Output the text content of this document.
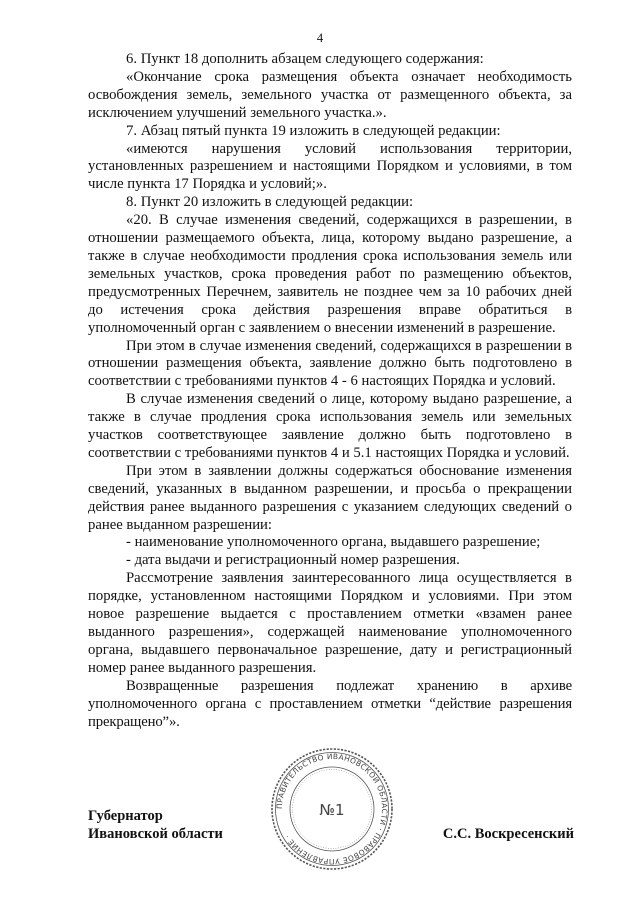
4

6. Пункт 18 дополнить абзацем следующего содержания:

«Окончание срока размещения объекта означает необходимость освобождения земель, земельного участка от размещенного объекта, за исключением улучшений земельного участка.».

7. Абзац пятый пункта 19 изложить в следующей редакции:

«имеются нарушения условий использования территории, установленных разрешением и настоящими Порядком и условиями, в том числе пункта 17 Порядка и условий;».

8. Пункт 20 изложить в следующей редакции:

«20. В случае изменения сведений, содержащихся в разрешении, в отношении размещаемого объекта, лица, которому выдано разрешение, а также в случае необходимости продления срока использования земель или земельных участков, срока проведения работ по размещению объектов, предусмотренных Перечнем, заявитель не позднее чем за 10 рабочих дней до истечения срока действия разрешения вправе обратиться в уполномоченный орган с заявлением о внесении изменений в разрешение.

При этом в случае изменения сведений, содержащихся в разрешении в отношении размещения объекта, заявление должно быть подготовлено в соответствии с требованиями пунктов 4 - 6 настоящих Порядка и условий.

В случае изменения сведений о лице, которому выдано разрешение, а также в случае продления срока использования земель или земельных участков соответствующее заявление должно быть подготовлено в соответствии с требованиями пунктов 4 и 5.1 настоящих Порядка и условий.

При этом в заявлении должны содержаться обоснование изменения сведений, указанных в выданном разрешении, и просьба о прекращении действия ранее выданного разрешения с указанием следующих сведений о ранее выданном разрешении:

- наименование уполномоченного органа, выдавшего разрешение;

- дата выдачи и регистрационный номер разрешения.

Рассмотрение заявления заинтересованного лица осуществляется в порядке, установленном настоящими Порядком и условиями. При этом новое разрешение выдается с проставлением отметки «взамен ранее выданного разрешения», содержащей наименование уполномоченного органа, выдавшего первоначальное разрешение, дату и регистрационный номер ранее выданного разрешения.

Возвращенные разрешения подлежат хранению в архиве уполномоченного органа с проставлением отметки “действие разрешения прекращено”».

Губернатор
Ивановской области
ПРАВИТЕЛЬСТВО ИВАНОВСКОЙ ОБЛАСТИ · ПРАВОВОЕ УПРАВЛЕНИЕ ·
№1
С.С. Воскресенский
